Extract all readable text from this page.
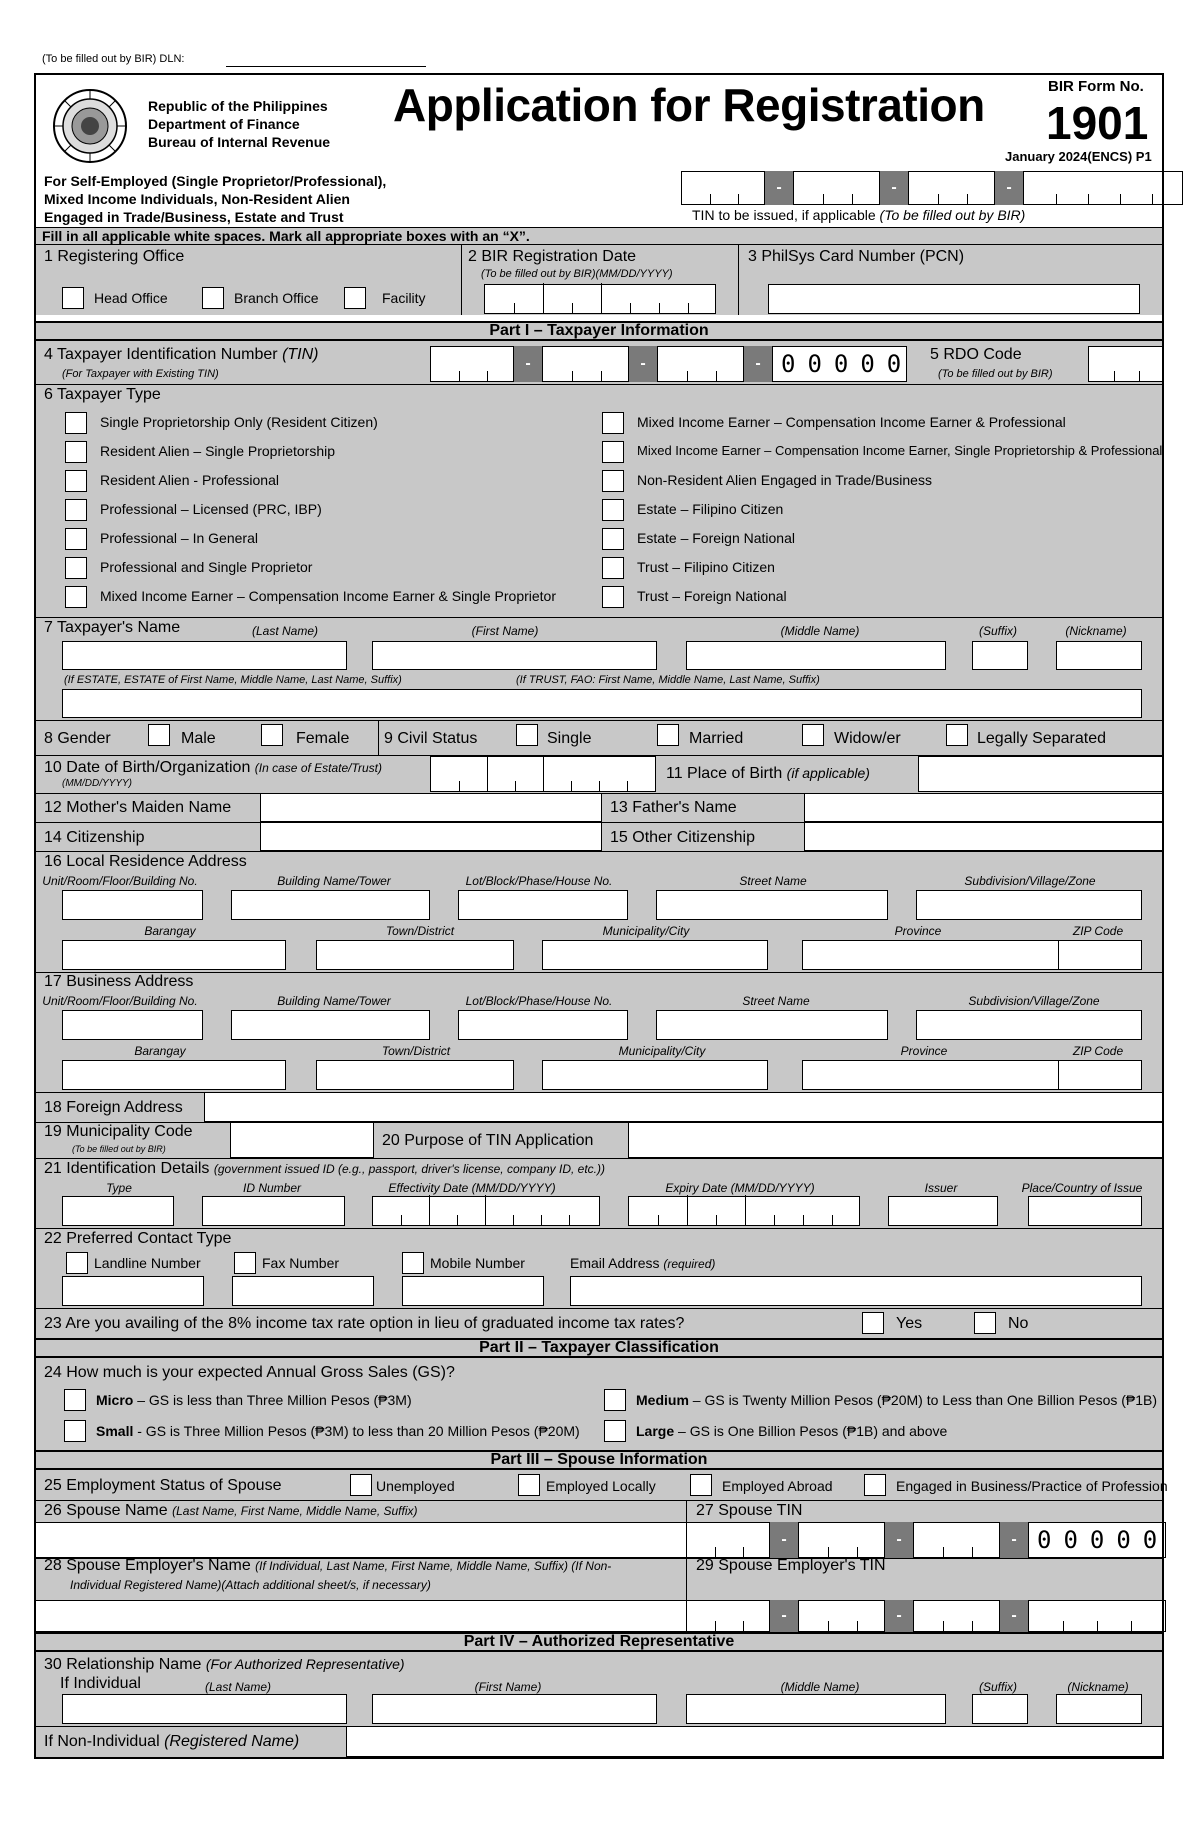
(To be filled out by BIR) DLN:
Republic of the Philippines
Department of Finance
Bureau of Internal Revenue
Application for Registration	BIR Form No.
1901
January 2024(ENCS) P1
For Self-Employed (Single Proprietor/Professional),
Mixed Income Individuals, Non-Resident Alien
Engaged in Trade/Business, Estate and Trust
-	-	-
TIN to be issued, if applicable (To be filled out by BIR)
Fill in all applicable white spaces. Mark all appropriate boxes with an “X”.
1 Registering Office
Head Office	Branch Office	Facility
2 BIR Registration Date
(To be filled out by BIR)(MM/DD/YYYY)
3 PhilSys Card Number (PCN)
Part I – Taxpayer Information
4 Taxpayer Identification Number (TIN)
(For Taxpayer with Existing TIN)
-	-	- 00000 5 RDO Code
(To be filled out by BIR)
6 Taxpayer Type
Single Proprietorship Only (Resident Citizen)
Resident Alien – Single Proprietorship
Resident Alien - Professional
Professional – Licensed (PRC, IBP)
Professional – In General
Professional and Single Proprietor
Mixed Income Earner – Compensation Income Earner & Single Proprietor
Mixed Income Earner – Compensation Income Earner & Professional
Mixed Income Earner – Compensation Income Earner, Single Proprietorship & Professional
Non-Resident Alien Engaged in Trade/Business
Estate – Filipino Citizen
Estate – Foreign National
Trust – Filipino Citizen
Trust – Foreign National
7 Taxpayer's Name	(Last Name)	(First Name)	(Middle Name)	(Suffix)	(Nickname)
(If ESTATE, ESTATE of First Name, Middle Name, Last Name, Suffix)	(If TRUST, FAO: First Name, Middle Name, Last Name, Suffix)
8 Gender	Male	Female 9 Civil Status	Single	Married	Widow/er	Legally Separated
10 Date of Birth/Organization (In case of Estate/Trust)
(MM/DD/YYYY)
11 Place of Birth (if applicable)
12 Mother's Maiden Name	13 Father's Name
14 Citizenship	15 Other Citizenship
16 Local Residence Address
Unit/Room/Floor/Building No.	Building Name/Tower	Lot/Block/Phase/House No.	Street Name	Subdivision/Village/Zone
Barangay	Town/District	Municipality/City	Province	ZIP Code
17 Business Address
Unit/Room/Floor/Building No.	Building Name/Tower	Lot/Block/Phase/House No.	Street Name	Subdivision/Village/Zone
Barangay	Town/District	Municipality/City	Province	ZIP Code
18 Foreign Address
19 Municipality Code
(To be filled out by BIR)	20 Purpose of TIN Application
21 Identification Details (government issued ID (e.g., passport, driver's license, company ID, etc.))
Type	ID Number	Effectivity Date (MM/DD/YYYY)	Expiry Date (MM/DD/YYYY)	Issuer	Place/Country of Issue
22 Preferred Contact Type
Landline Number	Fax Number	Mobile Number	Email Address (required)
23 Are you availing of the 8% income tax rate option in lieu of graduated income tax rates?	Yes	No
Part II – Taxpayer Classification
24 How much is your expected Annual Gross Sales (GS)?
Micro – GS is less than Three Million Pesos (₱3M)	Medium – GS is Twenty Million Pesos (₱20M) to Less than One Billion Pesos (₱1B)
Small - GS is Three Million Pesos (₱3M) to less than 20 Million Pesos (₱20M)	Large – GS is One Billion Pesos (₱1B) and above
Part III – Spouse Information
25 Employment Status of Spouse	Unemployed	Employed Locally	Employed Abroad	Engaged in Business/Practice of Profession
26 Spouse Name (Last Name, First Name, Middle Name, Suffix)	27 Spouse TIN
-	-	- 00000
28 Spouse Employer's Name (If Individual, Last Name, First Name, Middle Name, Suffix) (If Non-
Individual Registered Name)(Attach additional sheet/s, if necessary)
29 Spouse Employer's TIN
-	-	-
Part IV – Authorized Representative
30 Relationship Name (For Authorized Representative)
If Individual	(Last Name)	(First Name)	(Middle Name)	(Suffix)	(Nickname)
If Non-Individual (Registered Name)
